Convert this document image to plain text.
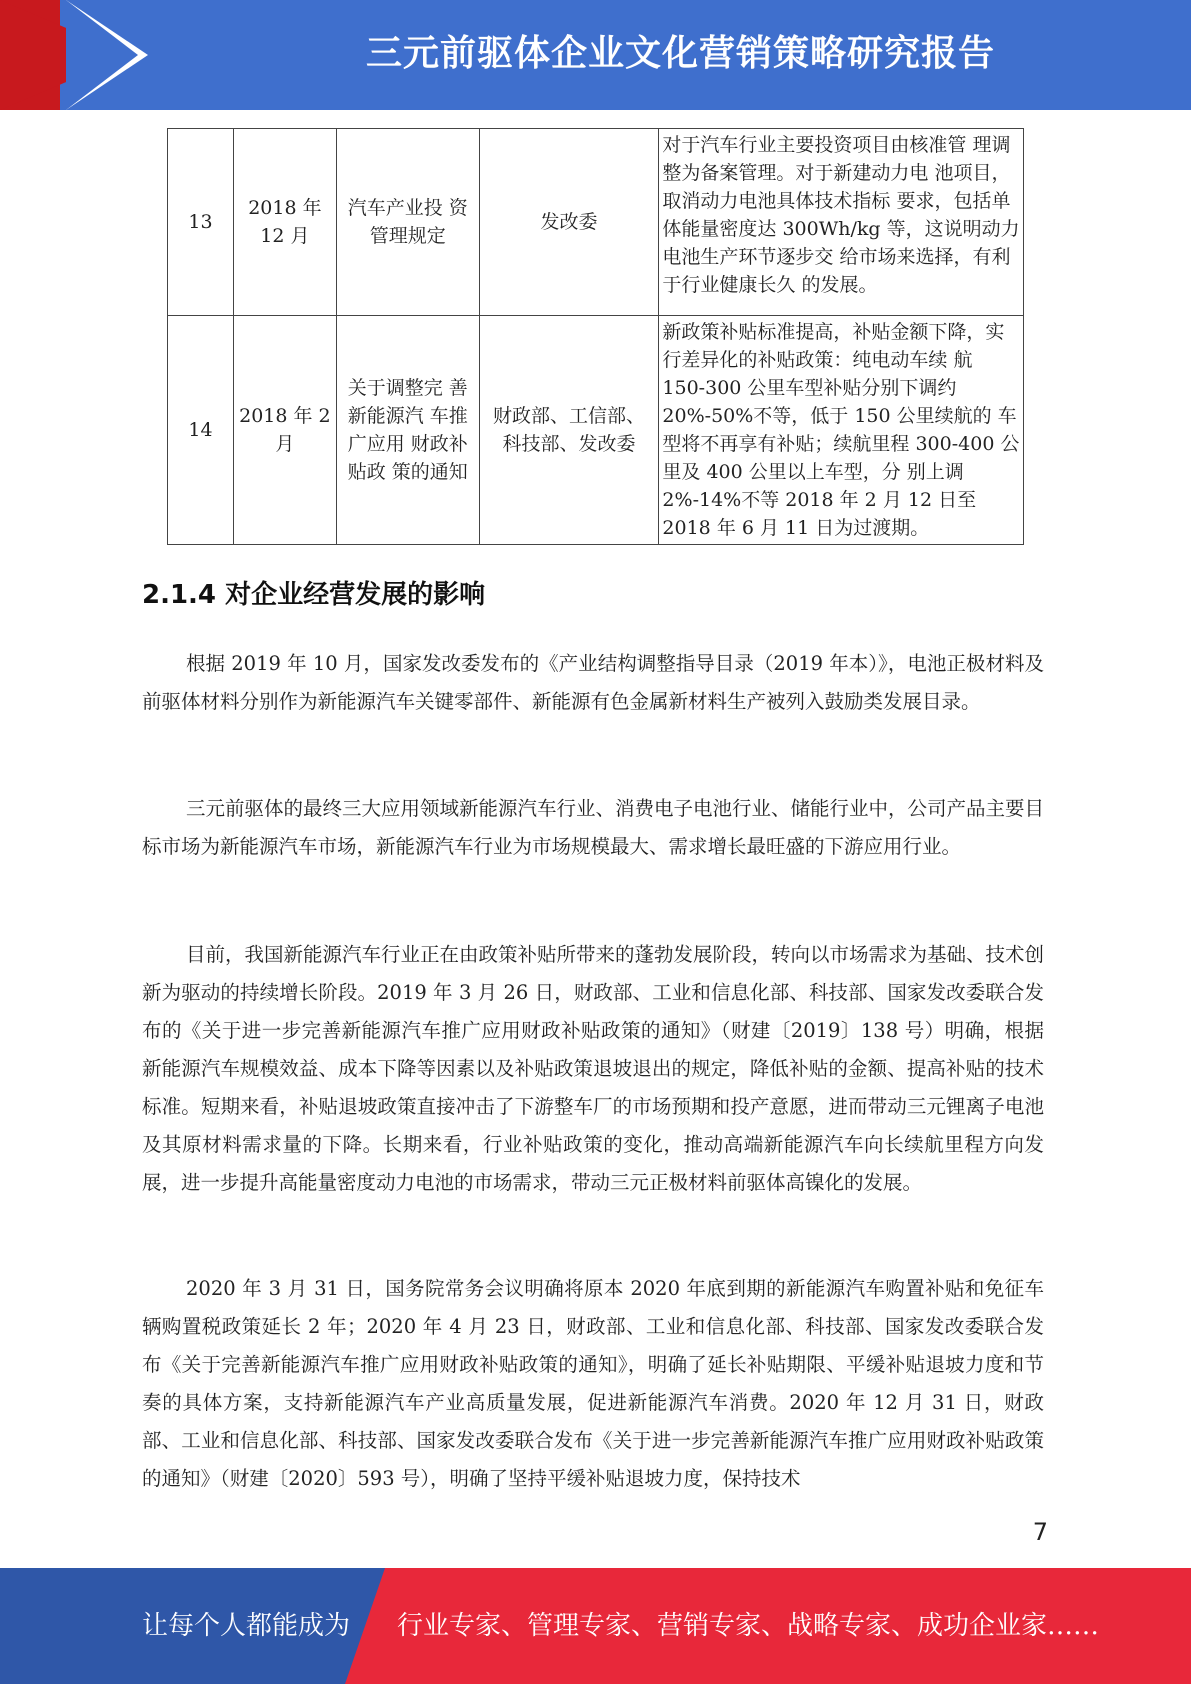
三元前驱体企业文化营销策略研究报告
13	2018 年 12 月	汽车产业投 资管理规定	发改委	对于汽车行业主要投资项目由核准管 理调整为备案管理。对于新建动力电 池项目，取消动力电池具体技术指标 要求，包括单体能量密度达 300Wh/kg 等，这说明动力电池生产环节逐步交 给市场来选择，有利于行业健康长久 的发展。
14	2018 年 2 月	关于调整完 善新能源汽 车推广应用 财政补贴政 策的通知	财政部、工信部、科技部、发改委	新政策补贴标准提高，补贴金额下降，实行差异化的补贴政策：纯电动车续 航 150-300 公里车型补贴分别下调约 20%-50%不等，低于 150 公里续航的 车型将不再享有补贴；续航里程 300-400 公里及 400 公里以上车型，分 别上调 2%-14%不等 2018 年 2 月 12 日至 2018 年 6 月 11 日为过渡期。
2.1.4 对企业经营发展的影响

根据 2019 年 10 月，国家发改委发布的《产业结构调整指导目录（2019 年本）》，电池正极材料及前驱体材料分别作为新能源汽车关键零部件、新能源有色金属新材料生产被列入鼓励类发展目录。

三元前驱体的最终三大应用领域新能源汽车行业、消费电子电池行业、储能行业中，公司产品主要目标市场为新能源汽车市场，新能源汽车行业为市场规模最大、需求增长最旺盛的下游应用行业。

目前，我国新能源汽车行业正在由政策补贴所带来的蓬勃发展阶段，转向以市场需求为基础、技术创新为驱动的持续增长阶段。2019 年 3 月 26 日，财政部、工业和信息化部、科技部、国家发改委联合发布的《关于进一步完善新能源汽车推广应用财政补贴政策的通知》（财建〔2019〕138 号）明确，根据新能源汽车规模效益、成本下降等因素以及补贴政策退坡退出的规定，降低补贴的金额、提高补贴的技术标准。短期来看，补贴退坡政策直接冲击了下游整车厂的市场预期和投产意愿，进而带动三元锂离子电池及其原材料需求量的下降。长期来看，行业补贴政策的变化，推动高端新能源汽车向长续航里程方向发展，进一步提升高能量密度动力电池的市场需求，带动三元正极材料前驱体高镍化的发展。

2020 年 3 月 31 日，国务院常务会议明确将原本 2020 年底到期的新能源汽车购置补贴和免征车辆购置税政策延长 2 年；2020 年 4 月 23 日，财政部、工业和信息化部、科技部、国家发改委联合发布《关于完善新能源汽车推广应用财政补贴政策的通知》，明确了延长补贴期限、平缓补贴退坡力度和节奏的具体方案，支持新能源汽车产业高质量发展，促进新能源汽车消费。2020 年 12 月 31 日，财政部、工业和信息化部、科技部、国家发改委联合发布《关于进一步完善新能源汽车推广应用财政补贴政策的通知》（财建〔2020〕593 号），明确了坚持平缓补贴退坡力度，保持技术

7
让每个人都能成为 行业专家、管理专家、营销专家、战略专家、成功企业家……
